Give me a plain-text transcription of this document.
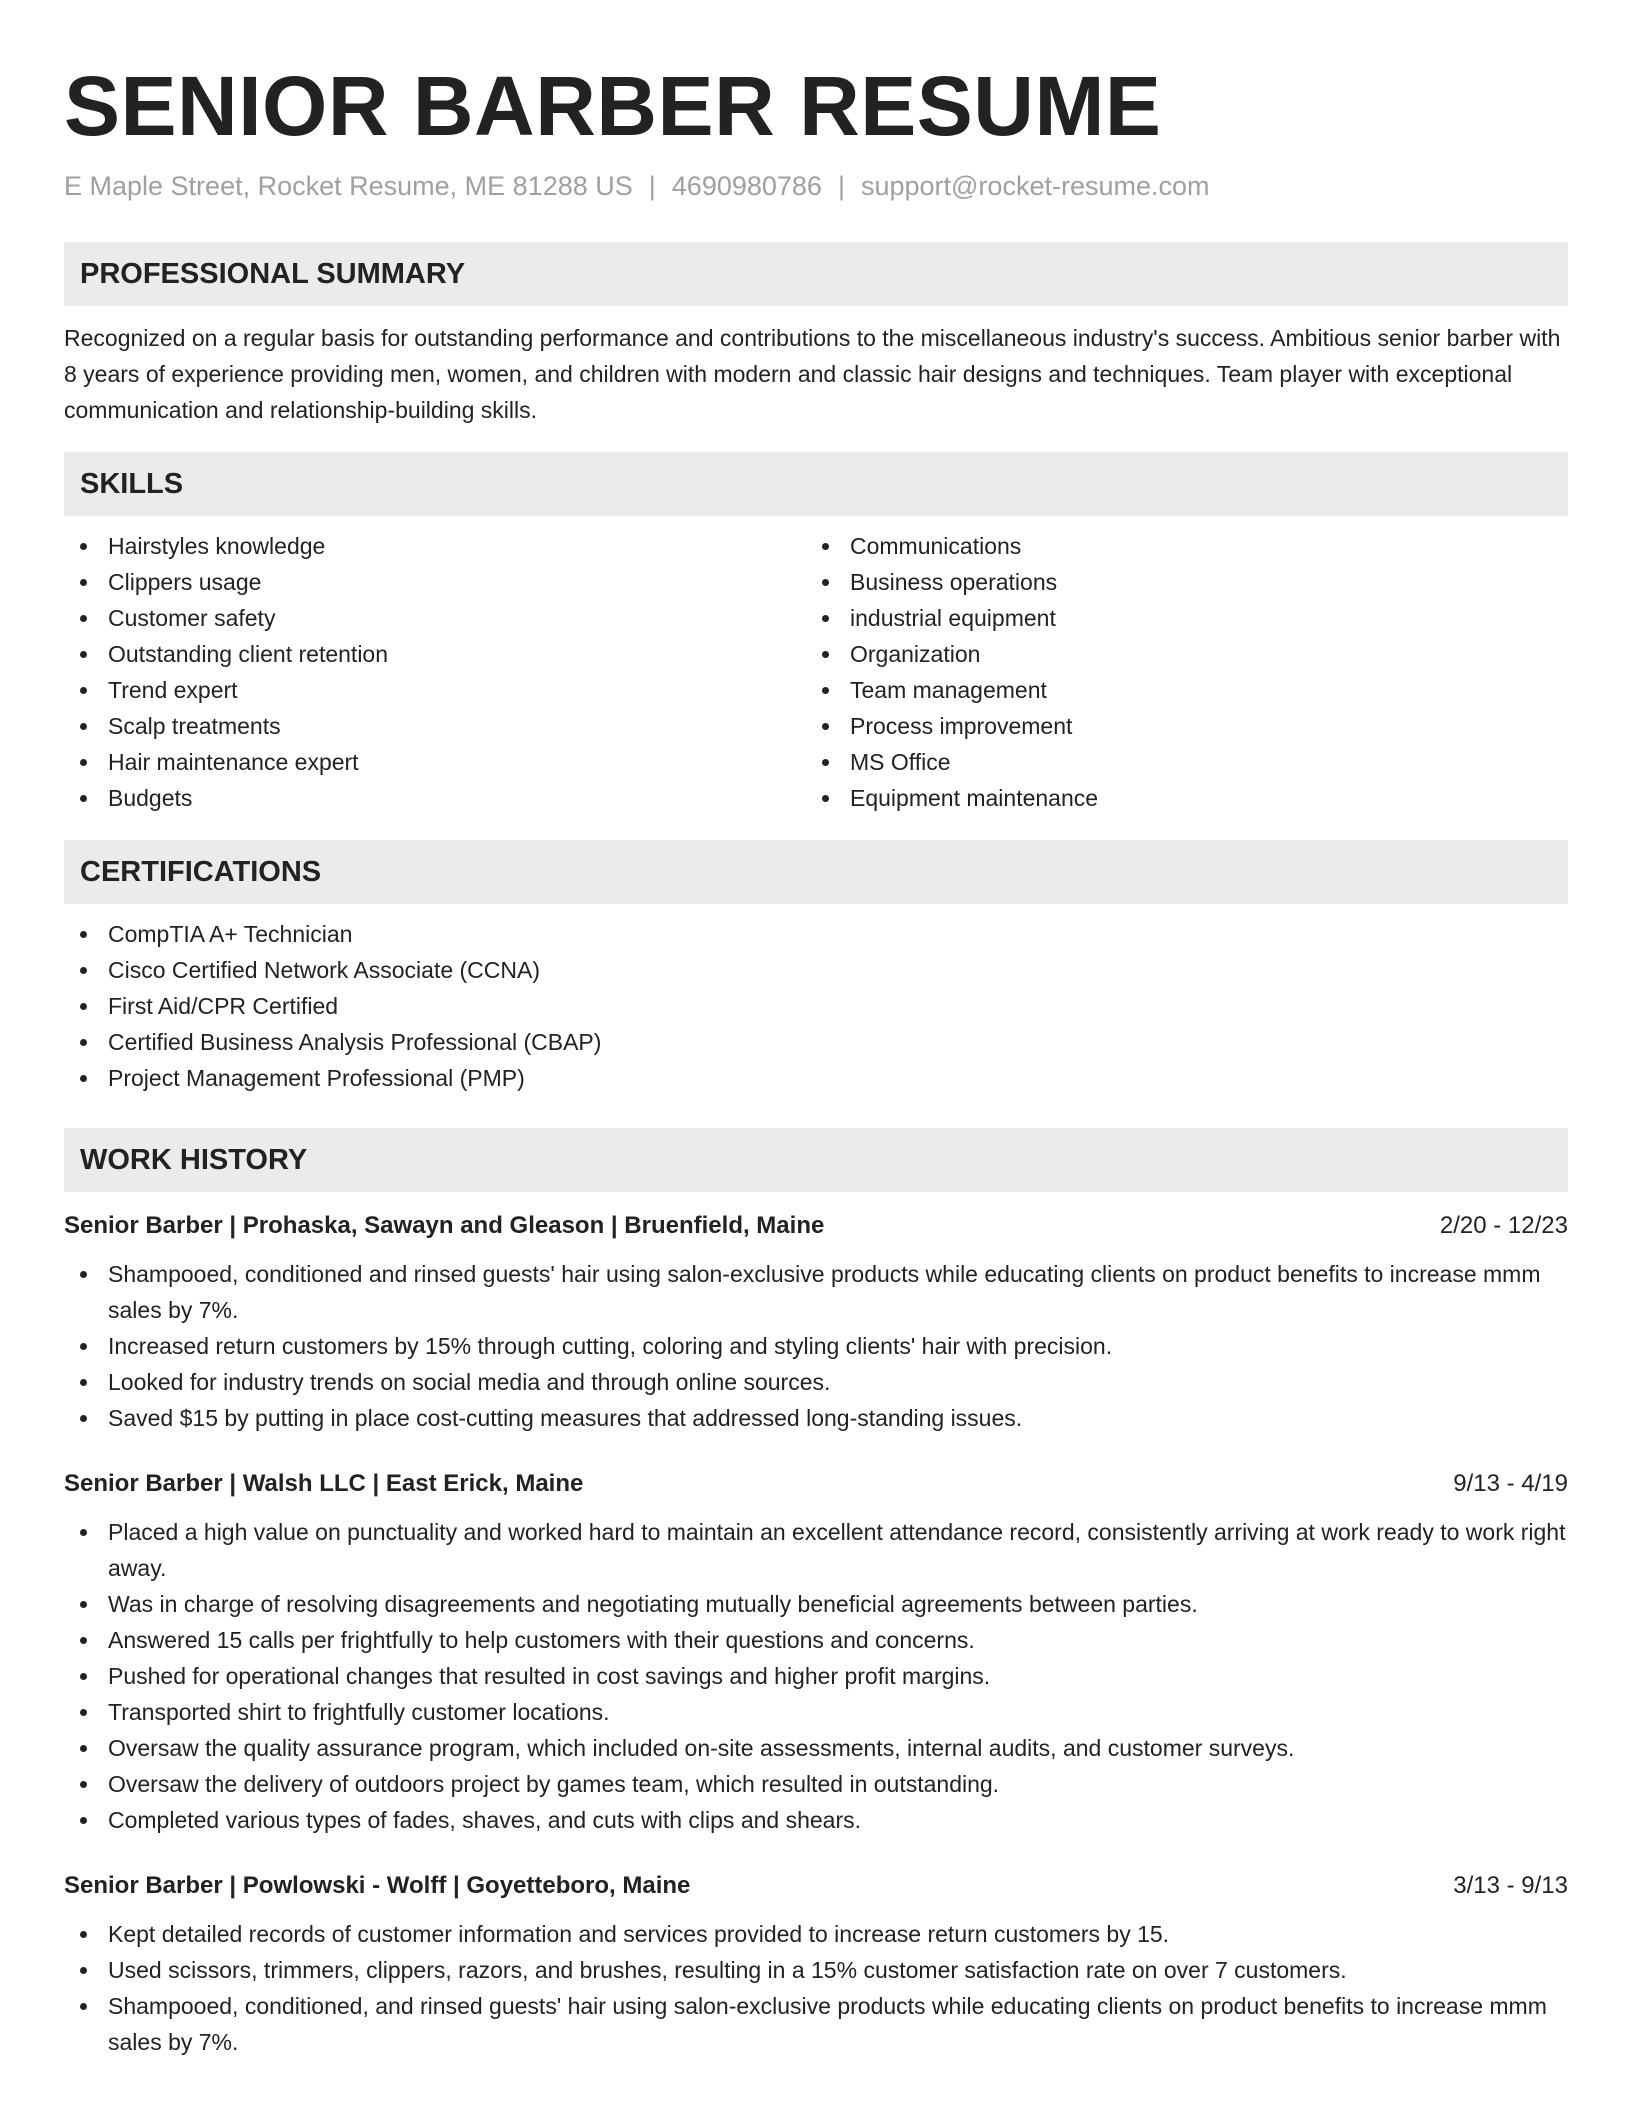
SENIOR BARBER RESUME
E Maple Street, Rocket Resume, ME 81288 US | 4690980786 | support@rocket-resume.com
PROFESSIONAL SUMMARY

Recognized on a regular basis for outstanding performance and contributions to the miscellaneous industry's success. Ambitious senior barber with 8 years of experience providing men, women, and children with modern and classic hair designs and techniques. Team player with exceptional communication and relationship-building skills.

SKILLS
Hairstyles knowledge
Clippers usage
Customer safety
Outstanding client retention
Trend expert
Scalp treatments
Hair maintenance expert
Budgets
Communications
Business operations
industrial equipment
Organization
Team management
Process improvement
MS Office
Equipment maintenance
CERTIFICATIONS
CompTIA A+ Technician
Cisco Certified Network Associate (CCNA)
First Aid/CPR Certified
Certified Business Analysis Professional (CBAP)
Project Management Professional (PMP)
WORK HISTORY
Senior Barber | Prohaska, Sawayn and Gleason | Bruenfield, Maine	2/20 - 12/23
Shampooed, conditioned and rinsed guests' hair using salon-exclusive products while educating clients on product benefits to increase mmm sales by 7%.
Increased return customers by 15% through cutting, coloring and styling clients' hair with precision.
Looked for industry trends on social media and through online sources.
Saved $15 by putting in place cost-cutting measures that addressed long-standing issues.
Senior Barber | Walsh LLC | East Erick, Maine	9/13 - 4/19
Placed a high value on punctuality and worked hard to maintain an excellent attendance record, consistently arriving at work ready to work right away.
Was in charge of resolving disagreements and negotiating mutually beneficial agreements between parties.
Answered 15 calls per frightfully to help customers with their questions and concerns.
Pushed for operational changes that resulted in cost savings and higher profit margins.
Transported shirt to frightfully customer locations.
Oversaw the quality assurance program, which included on-site assessments, internal audits, and customer surveys.
Oversaw the delivery of outdoors project by games team, which resulted in outstanding.
Completed various types of fades, shaves, and cuts with clips and shears.
Senior Barber | Powlowski - Wolff | Goyetteboro, Maine	3/13 - 9/13
Kept detailed records of customer information and services provided to increase return customers by 15.
Used scissors, trimmers, clippers, razors, and brushes, resulting in a 15% customer satisfaction rate on over 7 customers.
Shampooed, conditioned, and rinsed guests' hair using salon-exclusive products while educating clients on product benefits to increase mmm sales by 7%.
